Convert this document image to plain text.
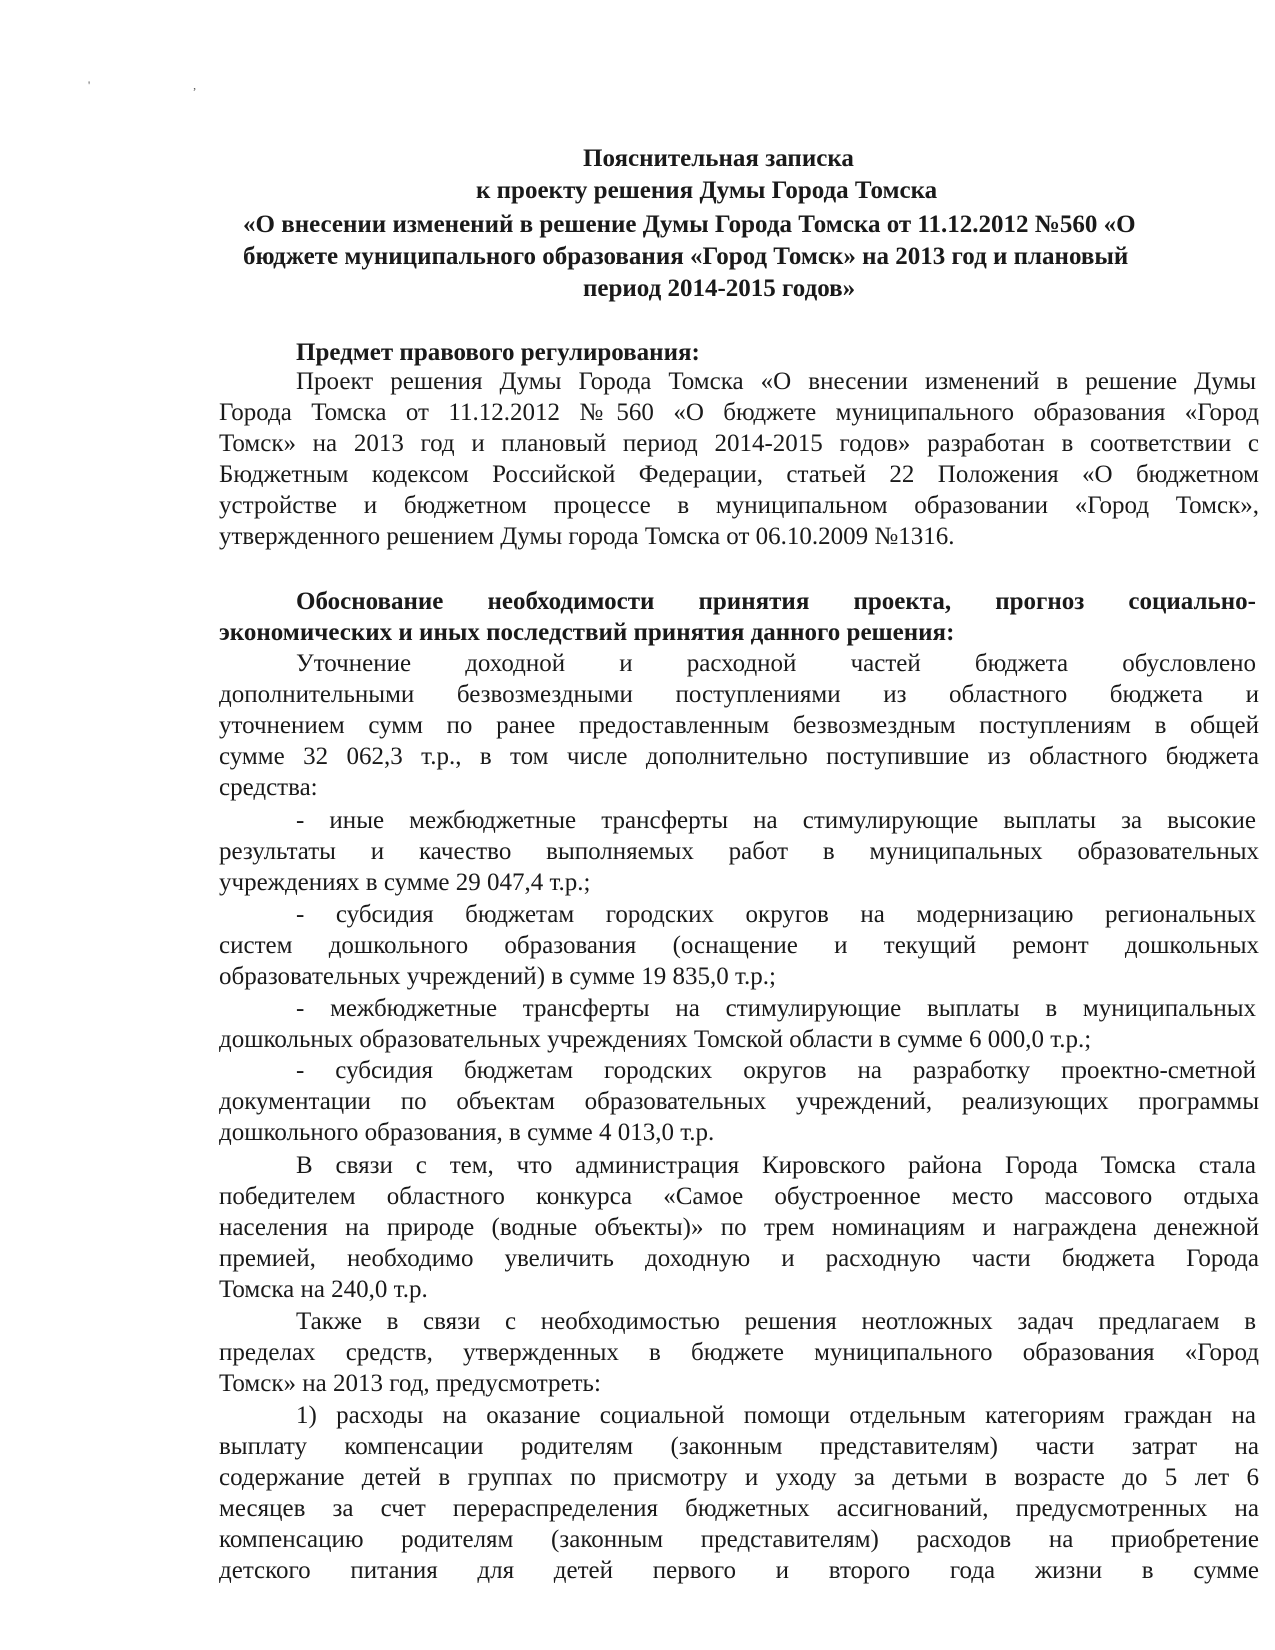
' ,
Пояснительная записка
к проекту решения Думы Города Томска
«О внесении изменений в решение Думы Города Томска от 11.12.2012 №560 «О
бюджете муниципального образования «Город Томск» на 2013 год и плановый
период 2014-2015 годов»
Предмет правового регулирования:
Проект решения Думы Города Томска «О внесении изменений в решение Думы
Города Томска от 11.12.2012 №560 «О бюджете муниципального образования «Город
Томск» на 2013 год и плановый период 2014-2015 годов» разработан в соответствии с
Бюджетным кодексом Российской Федерации, статьей 22 Положения «О бюджетном
устройстве и бюджетном процессе в муниципальном образовании «Город Томск»,
утвержденного решением Думы города Томска от 06.10.2009 №1316.
Обоснование необходимости принятия проекта, прогноз социально-
экономических и иных последствий принятия данного решения:
Уточнение доходной и расходной частей бюджета обусловлено
дополнительными безвозмездными поступлениями из областного бюджета и
уточнением сумм по ранее предоставленным безвозмездным поступлениям в общей
сумме 32 062,3 т.р., в том числе дополнительно поступившие из областного бюджета
средства:
- иные межбюджетные трансферты на стимулирующие выплаты за высокие
результаты и качество выполняемых работ в муниципальных образовательных
учреждениях в сумме 29 047,4 т.р.;
- субсидия бюджетам городских округов на модернизацию региональных
систем дошкольного образования (оснащение и текущий ремонт дошкольных
образовательных учреждений) в сумме 19 835,0 т.р.;
- межбюджетные трансферты на стимулирующие выплаты в муниципальных
дошкольных образовательных учреждениях Томской области в сумме 6 000,0 т.р.;
- субсидия бюджетам городских округов на разработку проектно-сметной
документации по объектам образовательных учреждений, реализующих программы
дошкольного образования, в сумме 4 013,0 т.р.
В связи с тем, что администрация Кировского района Города Томска стала
победителем областного конкурса «Самое обустроенное место массового отдыха
населения на природе (водные объекты)» по трем номинациям и награждена денежной
премией, необходимо увеличить доходную и расходную части бюджета Города
Томска на 240,0 т.р.
Также в связи с необходимостью решения неотложных задач предлагаем в
пределах средств, утвержденных в бюджете муниципального образования «Город
Томск» на 2013 год, предусмотреть:
1) расходы на оказание социальной помощи отдельным категориям граждан на
выплату компенсации родителям (законным представителям) части затрат на
содержание детей в группах по присмотру и уходу за детьми в возрасте до 5 лет 6
месяцев за счет перераспределения бюджетных ассигнований, предусмотренных на
компенсацию родителям (законным представителям) расходов на приобретение
детского питания для детей первого и второго года жизни в сумме
